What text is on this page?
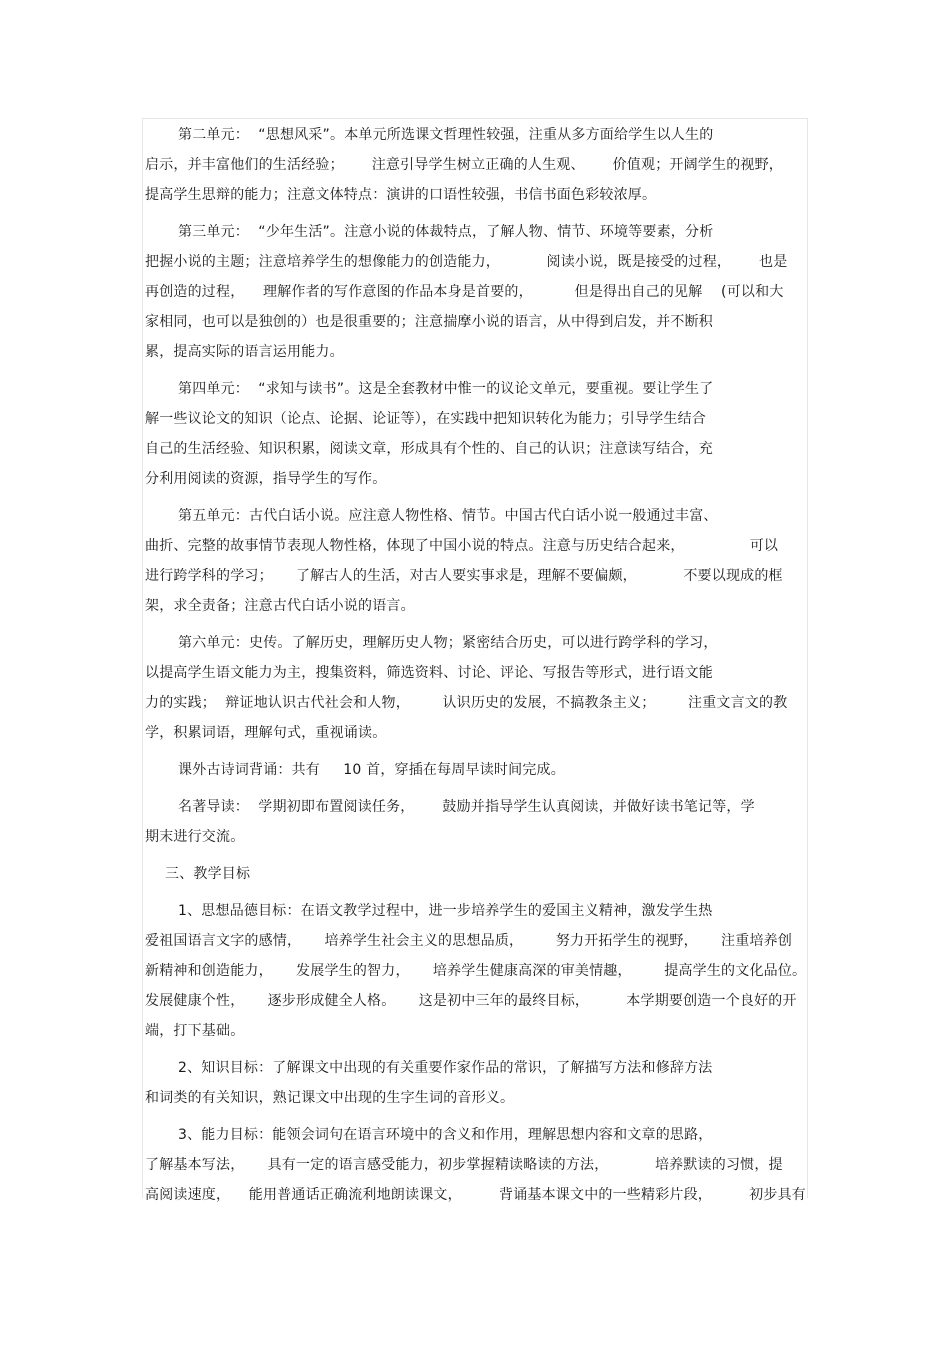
第二单元：  “思想风采”。本单元所选课文哲理性较强，注重从多方面给学生以人生的
启示，并丰富他们的生活经验；      注意引导学生树立正确的人生观、      价值观；开阔学生的视野，
提高学生思辩的能力；注意文体特点：演讲的口语性较强，书信书面色彩较浓厚。
第三单元：  “少年生活”。注意小说的体裁特点，了解人物、情节、环境等要素，分析
把握小说的主题；注意培养学生的想像能力的创造能力，          阅读小说，既是接受的过程，      也是
再创造的过程，    理解作者的写作意图的作品本身是首要的，         但是得出自己的见解    (可以和大
家相同，也可以是独创的）也是很重要的；注意揣摩小说的语言，从中得到启发，并不断积
累，提高实际的语言运用能力。
第四单元：  “求知与读书”。这是全套教材中惟一的议论文单元，要重视。要让学生了
解一些议论文的知识（论点、论据、论证等），在实践中把知识转化为能力；引导学生结合
自己的生活经验、知识积累，阅读文章，形成具有个性的、自己的认识；注意读写结合，充
分利用阅读的资源，指导学生的写作。
第五单元：古代白话小说。应注意人物性格、情节。中国古代白话小说一般通过丰富、
曲折、完整的故事情节表现人物性格，体现了中国小说的特点。注意与历史结合起来，              可以
进行跨学科的学习；     了解古人的生活，对古人要实事求是，理解不要偏颇，          不要以现成的框
架，求全责备；注意古代白话小说的语言。
第六单元：史传。了解历史，理解历史人物；紧密结合历史，可以进行跨学科的学习，
以提高学生语文能力为主，搜集资料，筛选资料、讨论、评论、写报告等形式，进行语文能
力的实践；  辩证地认识古代社会和人物，       认识历史的发展，不搞教条主义；       注重文言文的教
学，积累词语，理解句式，重视诵读。
课外古诗词背诵：共有     10 首，穿插在每周早读时间完成。
名著导读：  学期初即布置阅读任务，      鼓励并指导学生认真阅读，并做好读书笔记等，学
期末进行交流。
三、教学目标
1、思想品德目标：在语文教学过程中，进一步培养学生的爱国主义精神，激发学生热
爱祖国语言文字的感情，     培养学生社会主义的思想品质，       努力开拓学生的视野，     注重培养创
新精神和创造能力，     发展学生的智力，     培养学生健康高深的审美情趣，       提高学生的文化品位。
发展健康个性，     逐步形成健全人格。     这是初中三年的最终目标，        本学期要创造一个良好的开
端，打下基础。
2、知识目标：了解课文中出现的有关重要作家作品的常识，了解描写方法和修辞方法
和词类的有关知识，熟记课文中出现的生字生词的音形义。
3、能力目标：能领会词句在语言环境中的含义和作用，理解思想内容和文章的思路，
了解基本写法，     具有一定的语言感受能力，初步掌握精读略读的方法，          培养默读的习惯，提
高阅读速度，    能用普通话正确流利地朗读课文，        背诵基本课文中的一些精彩片段，        初步具有
